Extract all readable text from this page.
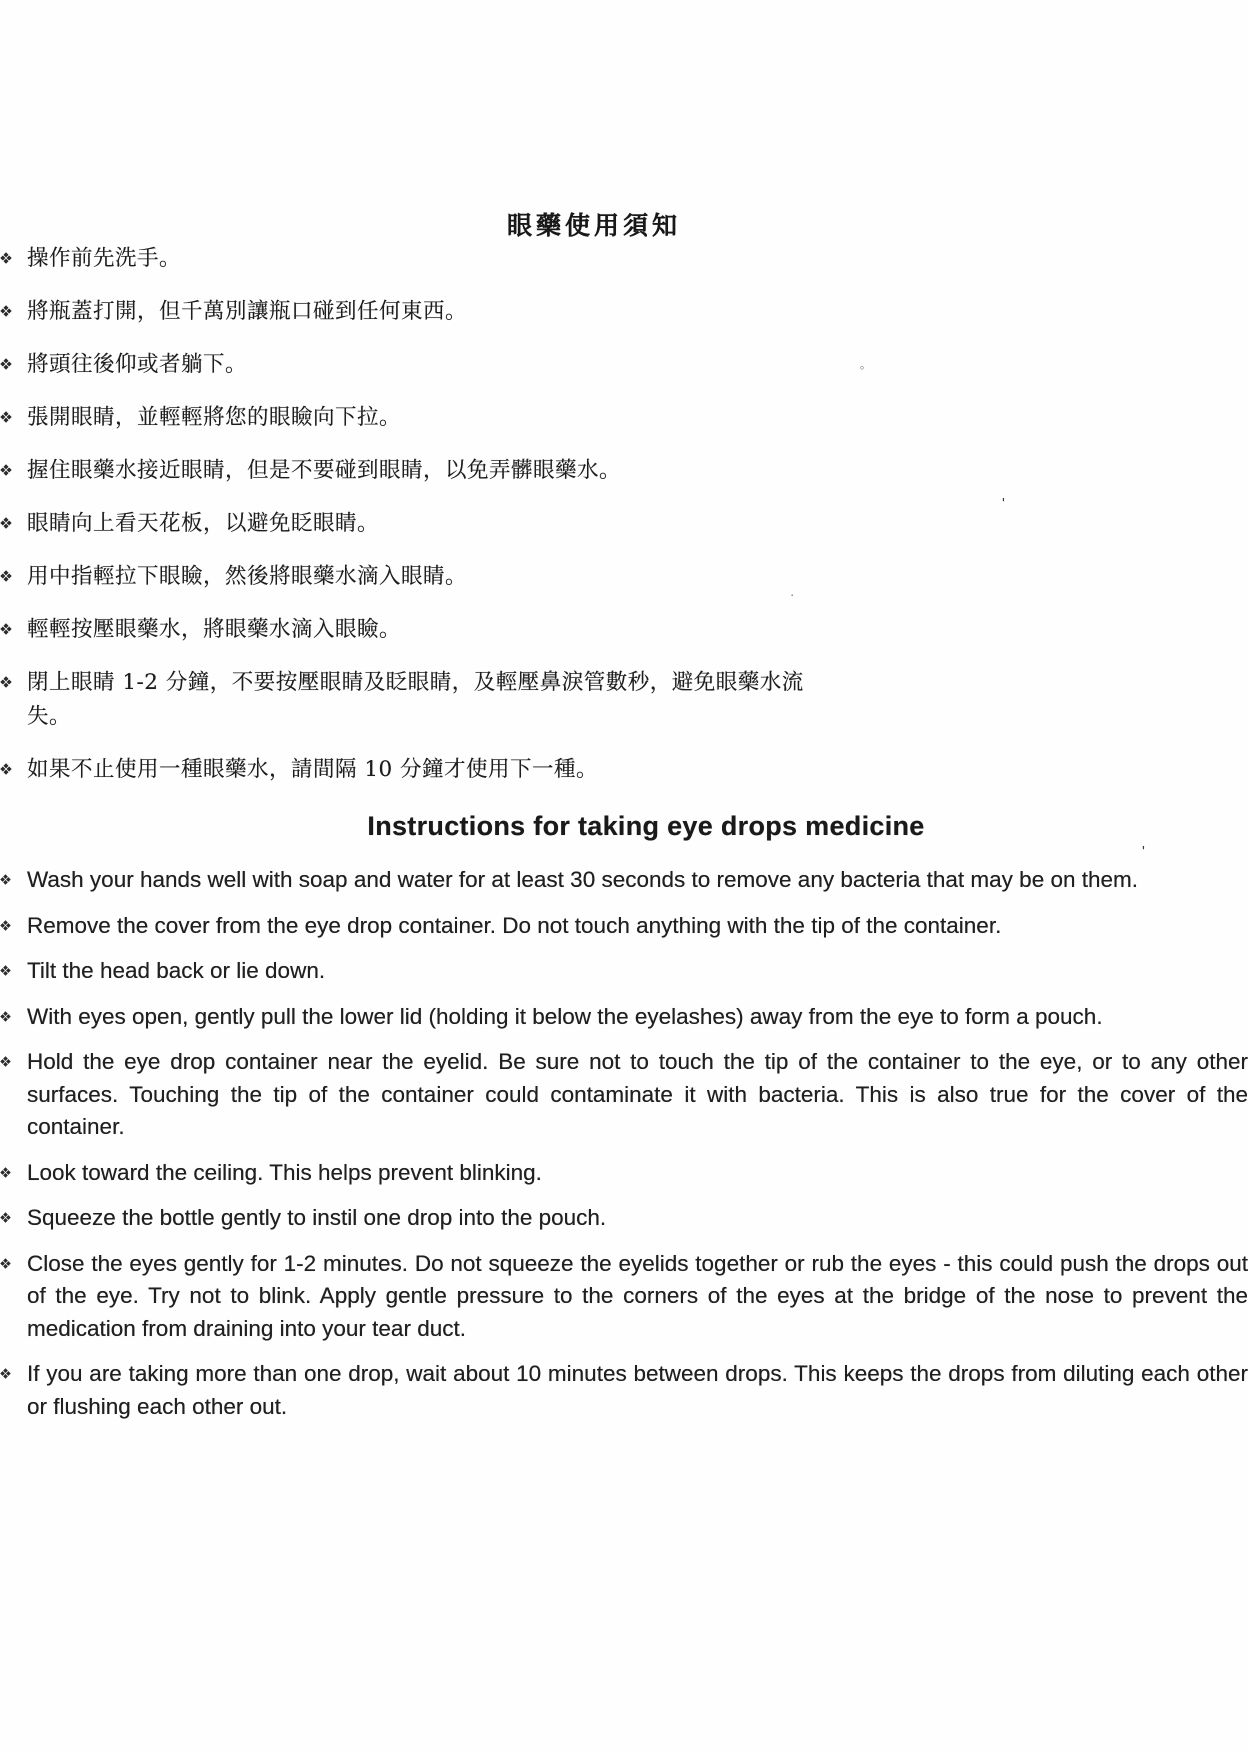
眼藥使用須知
操作前先洗手。
將瓶蓋打開，但千萬別讓瓶口碰到任何東西。
將頭往後仰或者躺下。
張開眼睛，並輕輕將您的眼瞼向下拉。
握住眼藥水接近眼睛，但是不要碰到眼睛，以免弄髒眼藥水。
眼睛向上看天花板，以避免眨眼睛。
用中指輕拉下眼瞼，然後將眼藥水滴入眼睛。
輕輕按壓眼藥水，將眼藥水滴入眼瞼。
閉上眼睛 1-2 分鐘，不要按壓眼睛及眨眼睛，及輕壓鼻淚管數秒，避免眼藥水流失。
如果不止使用一種眼藥水，請間隔 10 分鐘才使用下一種。
Instructions for taking eye drops medicine
Wash your hands well with soap and water for at least 30 seconds to remove any bacteria that may be on them.
Remove the cover from the eye drop container. Do not touch anything with the tip of the container.
Tilt the head back or lie down.
With eyes open, gently pull the lower lid (holding it below the eyelashes) away from the eye to form a pouch.
Hold the eye drop container near the eyelid. Be sure not to touch the tip of the container to the eye, or to any other surfaces. Touching the tip of the container could contaminate it with bacteria. This is also true for the cover of the container.
Look toward the ceiling. This helps prevent blinking.
Squeeze the bottle gently to instil one drop into the pouch.
Close the eyes gently for 1-2 minutes. Do not squeeze the eyelids together or rub the eyes - this could push the drops out of the eye. Try not to blink. Apply gentle pressure to the corners of the eyes at the bridge of the nose to prevent the medication from draining into your tear duct.
If you are taking more than one drop, wait about 10 minutes between drops. This keeps the drops from diluting each other or flushing each other out.
。
'
·
'
